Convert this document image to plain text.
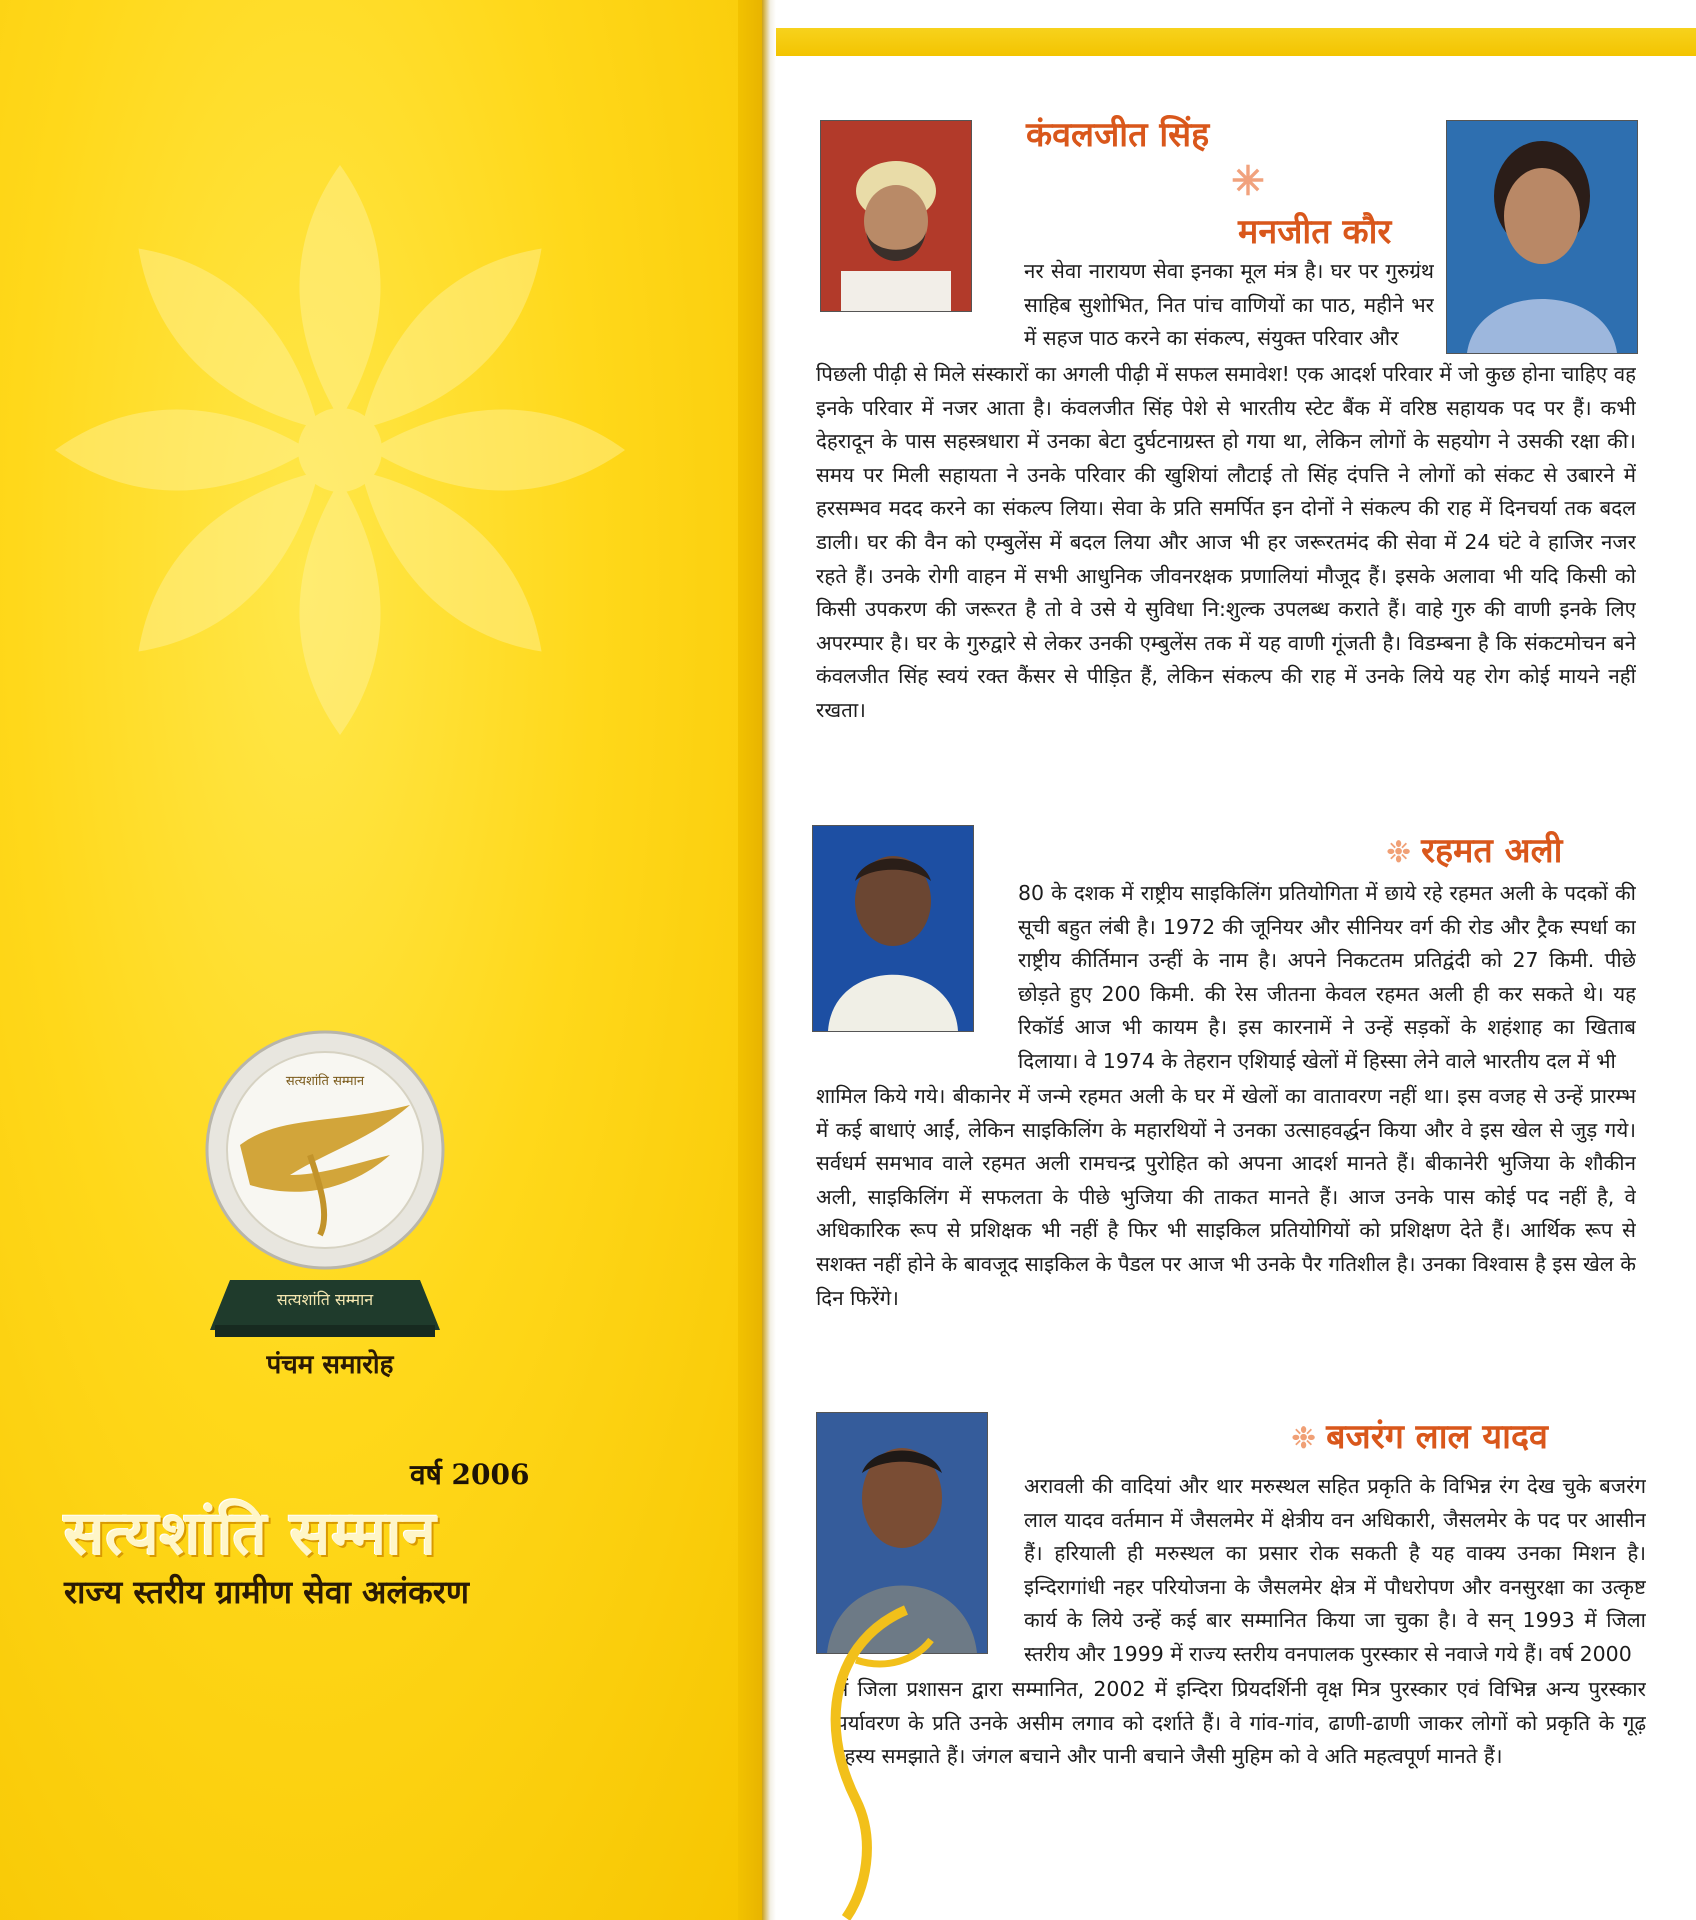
सत्यशांति सम्मान
सत्यशांति सम्मान
पंचम समारोह
वर्ष 2006
सत्यशांति सम्मान
राज्य स्तरीय ग्रामीण सेवा अलंकरण
कंवलजीत सिंह
मनजीत कौर
नर सेवा नारायण सेवा इनका मूल मंत्र है। घर पर गुरुग्रंथ साहिब सुशोभित, नित पांच वाणियों का पाठ, महीने भर में सहज पाठ करने का संकल्प, संयुक्त परिवार और
पिछली पीढ़ी से मिले संस्कारों का अगली पीढ़ी में सफल समावेश! एक आदर्श परिवार में जो कुछ होना चाहिए वह इनके परिवार में नजर आता है। कंवलजीत सिंह पेशे से भारतीय स्टेट बैंक में वरिष्ठ सहायक पद पर हैं। कभी देहरादून के पास सहस्त्रधारा में उनका बेटा दुर्घटनाग्रस्त हो गया था, लेकिन लोगों के सहयोग ने उसकी रक्षा की। समय पर मिली सहायता ने उनके परिवार की खुशियां लौटाई तो सिंह दंपत्ति ने लोगों को संकट से उबारने में हरसम्भव मदद करने का संकल्प लिया। सेवा के प्रति समर्पित इन दोनों ने संकल्प की राह में दिनचर्या तक बदल डाली। घर की वैन को एम्बुलेंस में बदल लिया और आज भी हर जरूरतमंद की सेवा में 24 घंटे वे हाजिर नजर रहते हैं। उनके रोगी वाहन में सभी आधुनिक जीवनरक्षक प्रणालियां मौजूद हैं। इसके अलावा भी यदि किसी को किसी उपकरण की जरूरत है तो वे उसे ये सुविधा नि:शुल्क उपलब्ध कराते हैं। वाहे गुरु की वाणी इनके लिए अपरम्पार है। घर के गुरुद्वारे से लेकर उनकी एम्बुलेंस तक में यह वाणी गूंजती है। विडम्बना है कि संकटमोचन बने कंवलजीत सिंह स्वयं रक्त कैंसर से पीड़ित हैं, लेकिन संकल्प की राह में उनके लिये यह रोग कोई मायने नहीं रखता।
❉ रहमत अली
80 के दशक में राष्ट्रीय साइकिलिंग प्रतियोगिता में छाये रहे रहमत अली के पदकों की सूची बहुत लंबी है। 1972 की जूनियर और सीनियर वर्ग की रोड और ट्रैक स्पर्धा का राष्ट्रीय कीर्तिमान उन्हीं के नाम है। अपने निकटतम प्रतिद्वंदी को 27 किमी. पीछे छोड़ते हुए 200 किमी. की रेस जीतना केवल रहमत अली ही कर सकते थे। यह रिकॉर्ड आज भी कायम है। इस कारनामें ने उन्हें सड़कों के शहंशाह का खिताब दिलाया। वे 1974 के तेहरान एशियाई खेलों में हिस्सा लेने वाले भारतीय दल में भी
शामिल किये गये। बीकानेर में जन्मे रहमत अली के घर में खेलों का वातावरण नहीं था। इस वजह से उन्हें प्रारम्भ में कई बाधाएं आईं, लेकिन साइकिलिंग के महारथियों ने उनका उत्साहवर्द्धन किया और वे इस खेल से जुड़ गये। सर्वधर्म समभाव वाले रहमत अली रामचन्द्र पुरोहित को अपना आदर्श मानते हैं। बीकानेरी भुजिया के शौकीन अली, साइकिलिंग में सफलता के पीछे भुजिया की ताकत मानते हैं। आज उनके पास कोई पद नहीं है, वे अधिकारिक रूप से प्रशिक्षक भी नहीं है फिर भी साइकिल प्रतियोगियों को प्रशिक्षण देते हैं। आर्थिक रूप से सशक्त नहीं होने के बावजूद साइकिल के पैडल पर आज भी उनके पैर गतिशील है। उनका विश्वास है इस खेल के दिन फिरेंगे।
❉ बजरंग लाल यादव
अरावली की वादियां और थार मरुस्थल सहित प्रकृति के विभिन्न रंग देख चुके बजरंग लाल यादव वर्तमान में जैसलमेर में क्षेत्रीय वन अधिकारी, जैसलमेर के पद पर आसीन हैं। हरियाली ही मरुस्थल का प्रसार रोक सकती है यह वाक्य उनका मिशन है। इन्दिरागांधी नहर परियोजना के जैसलमेर क्षेत्र में पौधरोपण और वनसुरक्षा का उत्कृष्ट कार्य के लिये उन्हें कई बार सम्मानित किया जा चुका है। वे सन् 1993 में जिला स्तरीय और 1999 में राज्य स्तरीय वनपालक पुरस्कार से नवाजे गये हैं। वर्ष 2000
में जिला प्रशासन द्वारा सम्मानित, 2002 में इन्दिरा प्रियदर्शिनी वृक्ष मित्र पुरस्कार एवं विभिन्न अन्य पुरस्कार पर्यावरण के प्रति उनके असीम लगाव को दर्शाते हैं। वे गांव-गांव, ढाणी-ढाणी जाकर लोगों को प्रकृति के गूढ़ रहस्य समझाते हैं। जंगल बचाने और पानी बचाने जैसी मुहिम को वे अति महत्वपूर्ण मानते हैं।
